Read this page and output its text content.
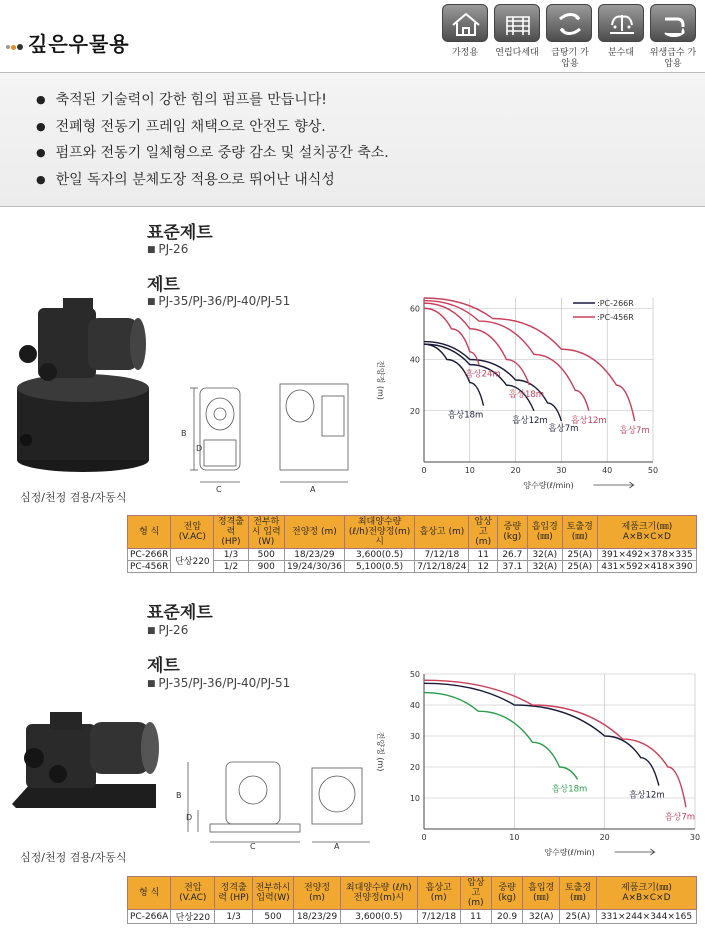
깊은우물용	가정용	연립다세대	급탕기 가압용
분수대	위생급수 가압용
● 축적된 기술력이 강한 힘의 펌프를 만듭니다!
● 전폐형 전동기 프레임 채택으로 안전도 향상.
● 펌프와 전동기 일체형으로 중량 감소 및 설치공간 축소.
● 한일 독자의 분체도장 적용으로 뛰어난 내식성
표준제트
■ PJ-26
제트
■ PJ-35/PJ-36/PJ-40/PJ-51
심정/천정 겸용/자동식
B
D
C	A
0	10	20	30	40	50
20
40
60
양수량(ℓ/min)
전양정 (m)
흡상18m
흡상12m
흡상7m
흡상24m
흡상18m
흡상12m
흡상7m
:PC-266R
:PC-456R
형 식	전압 (V.AC)	정격출력 (HP)	전부하시 입력(W)	전양정 (m)	최대양수량 (ℓ/h)전양정(m)시	흡상고 (m)	압상고 (m)	중량 (kg)	흡입경 (㎜)	토출경 (㎜)	제품크기(㎜) A×B×C×D
PC-266R	단상220	1/3	500	18/23/29	3,600(0.5)	7/12/18	11	26.7	32(A)	25(A)	391×492×378×335
PC-456R		1/2	900	19/24/30/36	5,100(0.5)	7/12/18/24	12	37.1	32(A)	25(A)	431×592×418×390
표준제트
■ PJ-26
제트
■ PJ-35/PJ-36/PJ-40/PJ-51
심정/천정 겸용/자동식
B
D
C	A
0	10	20	30
10
20
30
40
50
양수량(ℓ/min)
전양정 (m)
흡상18m
흡상12m
흡상7m
형 식	전압 (V.AC)	정격출력 (HP)	전부하시 입력(W)	전양정 (m)	최대양수량 (ℓ/h)전양정(m)시	흡상고 (m)	압상고 (m)	중량 (kg)	흡입경 (㎜)	토출경 (㎜)	제품크기(㎜) A×B×C×D
PC-266A	단상220	1/3	500	18/23/29	3,600(0.5)	7/12/18	11	20.9	32(A)	25(A)	331×244×344×165
